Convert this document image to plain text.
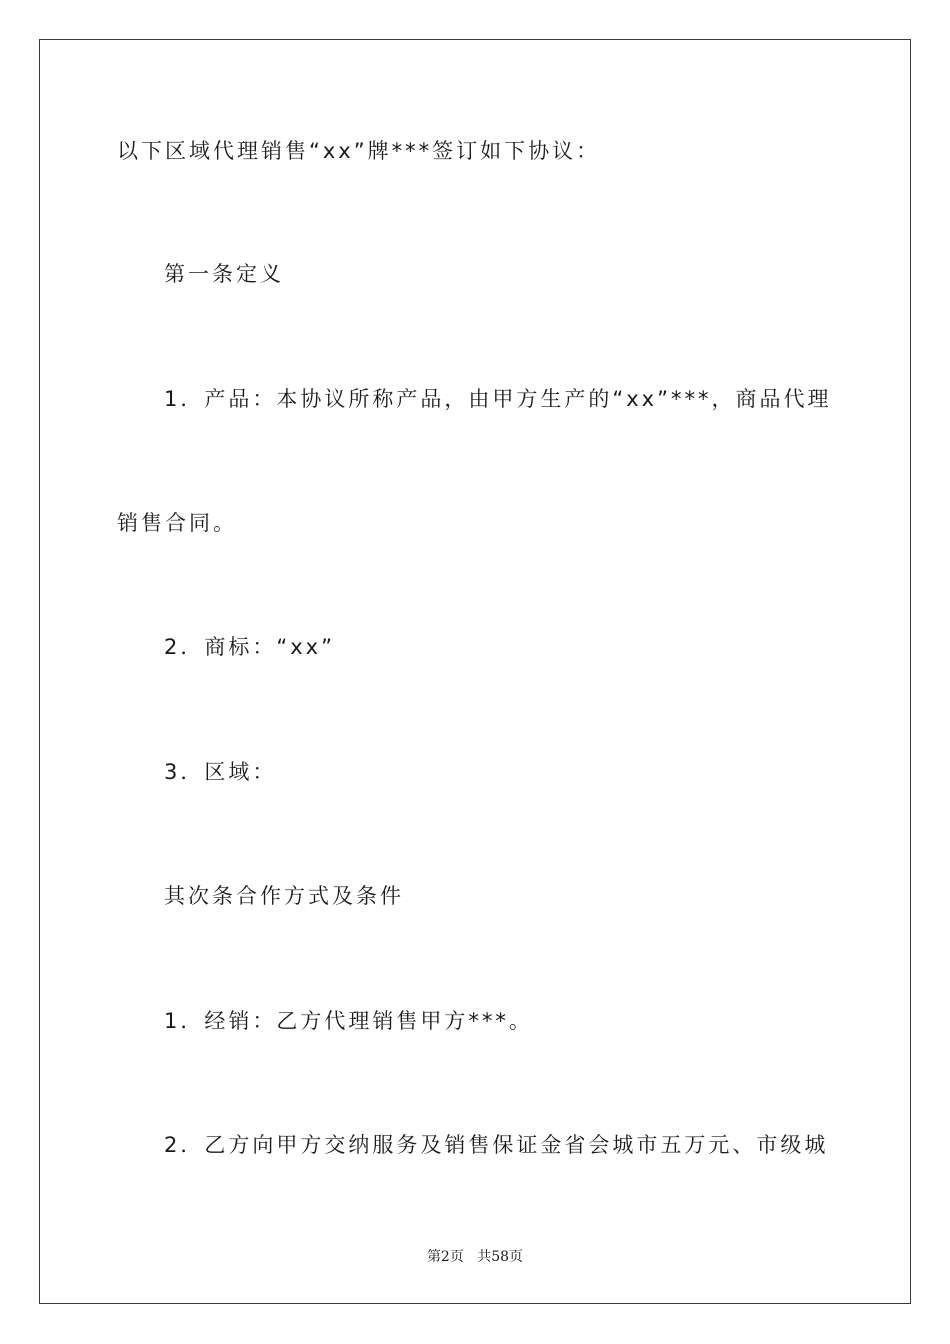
以下区域代理销售“xx”牌***签订如下协议：
第一条定义
1．产品：本协议所称产品，由甲方生产的“xx”***，商品代理
销售合同。
2．商标：“xx”
3．区域：
其次条合作方式及条件
1．经销：乙方代理销售甲方***。
2．乙方向甲方交纳服务及销售保证金省会城市五万元、市级城
第2页 共58页
